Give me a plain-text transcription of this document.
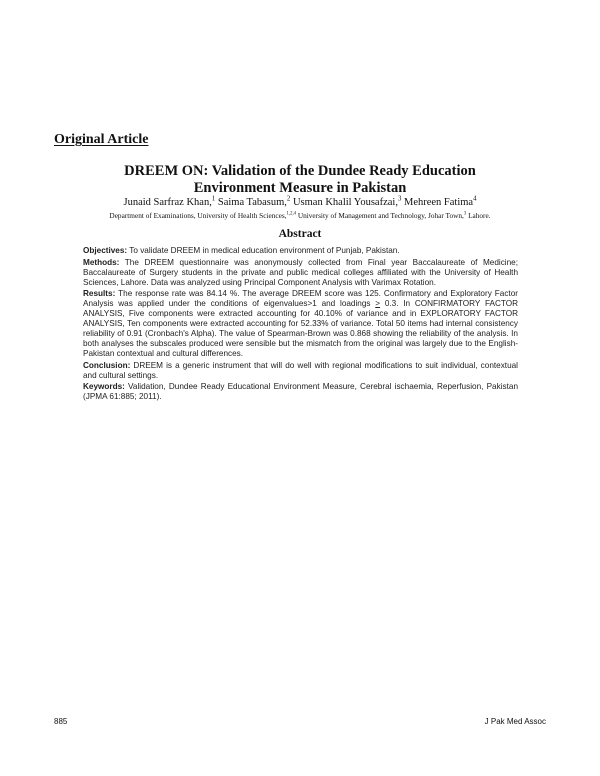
Original Article
DREEM ON: Validation of the Dundee Ready Education
Environment Measure in Pakistan
Junaid Sarfraz Khan,$^1$ Saima Tabasum,$^2$ Usman Khalil Yousafzai,$^3$ Mehreen Fatima$^4$
Department of Examinations, University of Health Sciences,$^{1,2,4}$ University of Management and Technology, Johar Town,$^3$ Lahore.
Abstract

Objectives: To validate DREEM in medical education environment of Punjab, Pakistan.

Methods: The DREEM questionnaire was anonymously collected from Final year Baccalaureate of Medicine; Baccalaureate of Surgery students in the private and public medical colleges affiliated with the University of Health Sciences, Lahore. Data was analyzed using Principal Component Analysis with Varimax Rotation.

Results: The response rate was 84.14 %. The average DREEM score was 125. Confirmatory and Exploratory Factor Analysis was applied under the conditions of eigenvalues>1 and loadings ≥ 0.3. In CONFIRMATORY FACTOR ANALYSIS, Five components were extracted accounting for 40.10% of variance and in EXPLORATORY FACTOR ANALYSIS, Ten components were extracted accounting for 52.33% of variance. Total 50 items had internal consistency reliability of 0.91 (Cronbach's Alpha). The value of Spearman-Brown was 0.868 showing the reliability of the analysis. In both analyses the subscales produced were sensible but the mismatch from the original was largely due to the English-Pakistan contextual and cultural differences.

Conclusion: DREEM is a generic instrument that will do well with regional modifications to suit individual, contextual and cultural settings.

Keywords: Validation, Dundee Ready Educational Environment Measure, Cerebral ischaemia, Reperfusion, Pakistan (JPMA 61:885; 2011).

885	J Pak Med Assoc
